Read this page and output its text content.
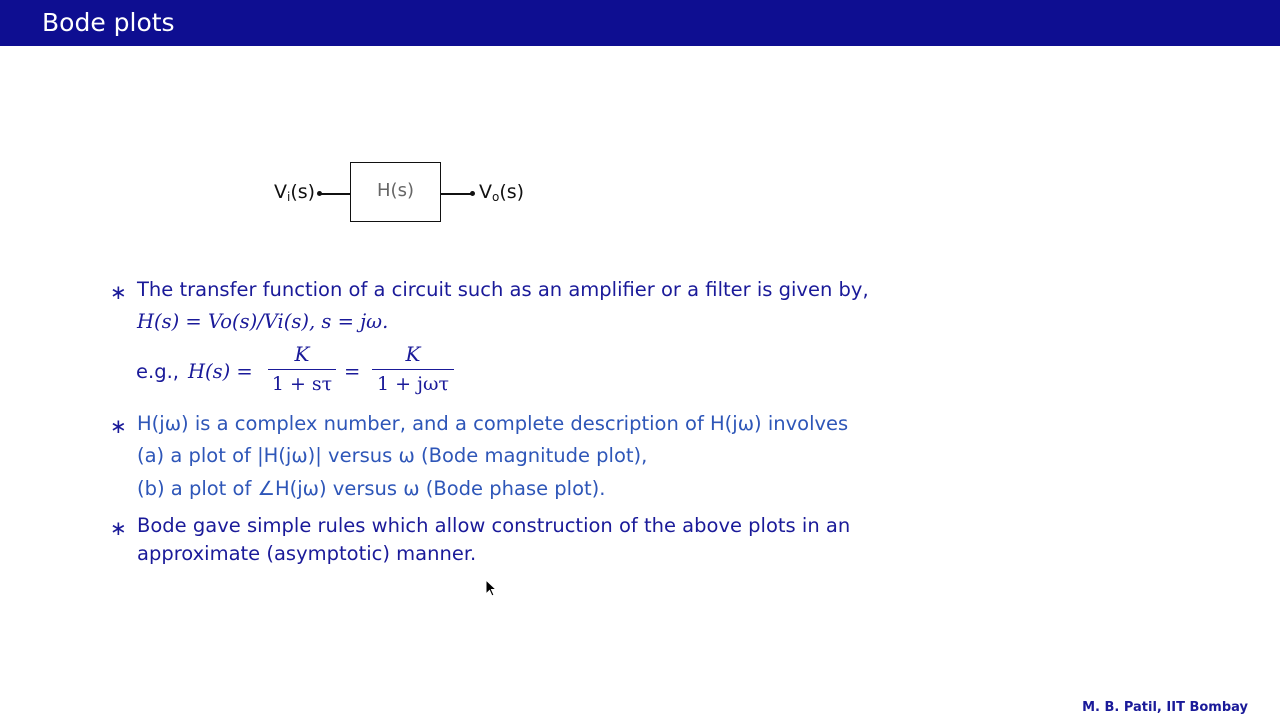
Bode plots
$V_i(s)$	H(s)	$V_o(s)$
∗ The transfer function of a circuit such as an amplifier or a filter is given by,
H(s) = Vo(s)/Vi(s), s = jω.
e.g., H(s) =
K
1 + sτ
=
K
1 + jωτ
∗ H(jω) is a complex number, and a complete description of H(jω) involves
(a) a plot of |H(jω)| versus ω (Bode magnitude plot),
(b) a plot of ∠H(jω) versus ω (Bode phase plot).
∗ Bode gave simple rules which allow construction of the above plots in an
approximate (asymptotic) manner.
M. B. Patil, IIT Bombay
